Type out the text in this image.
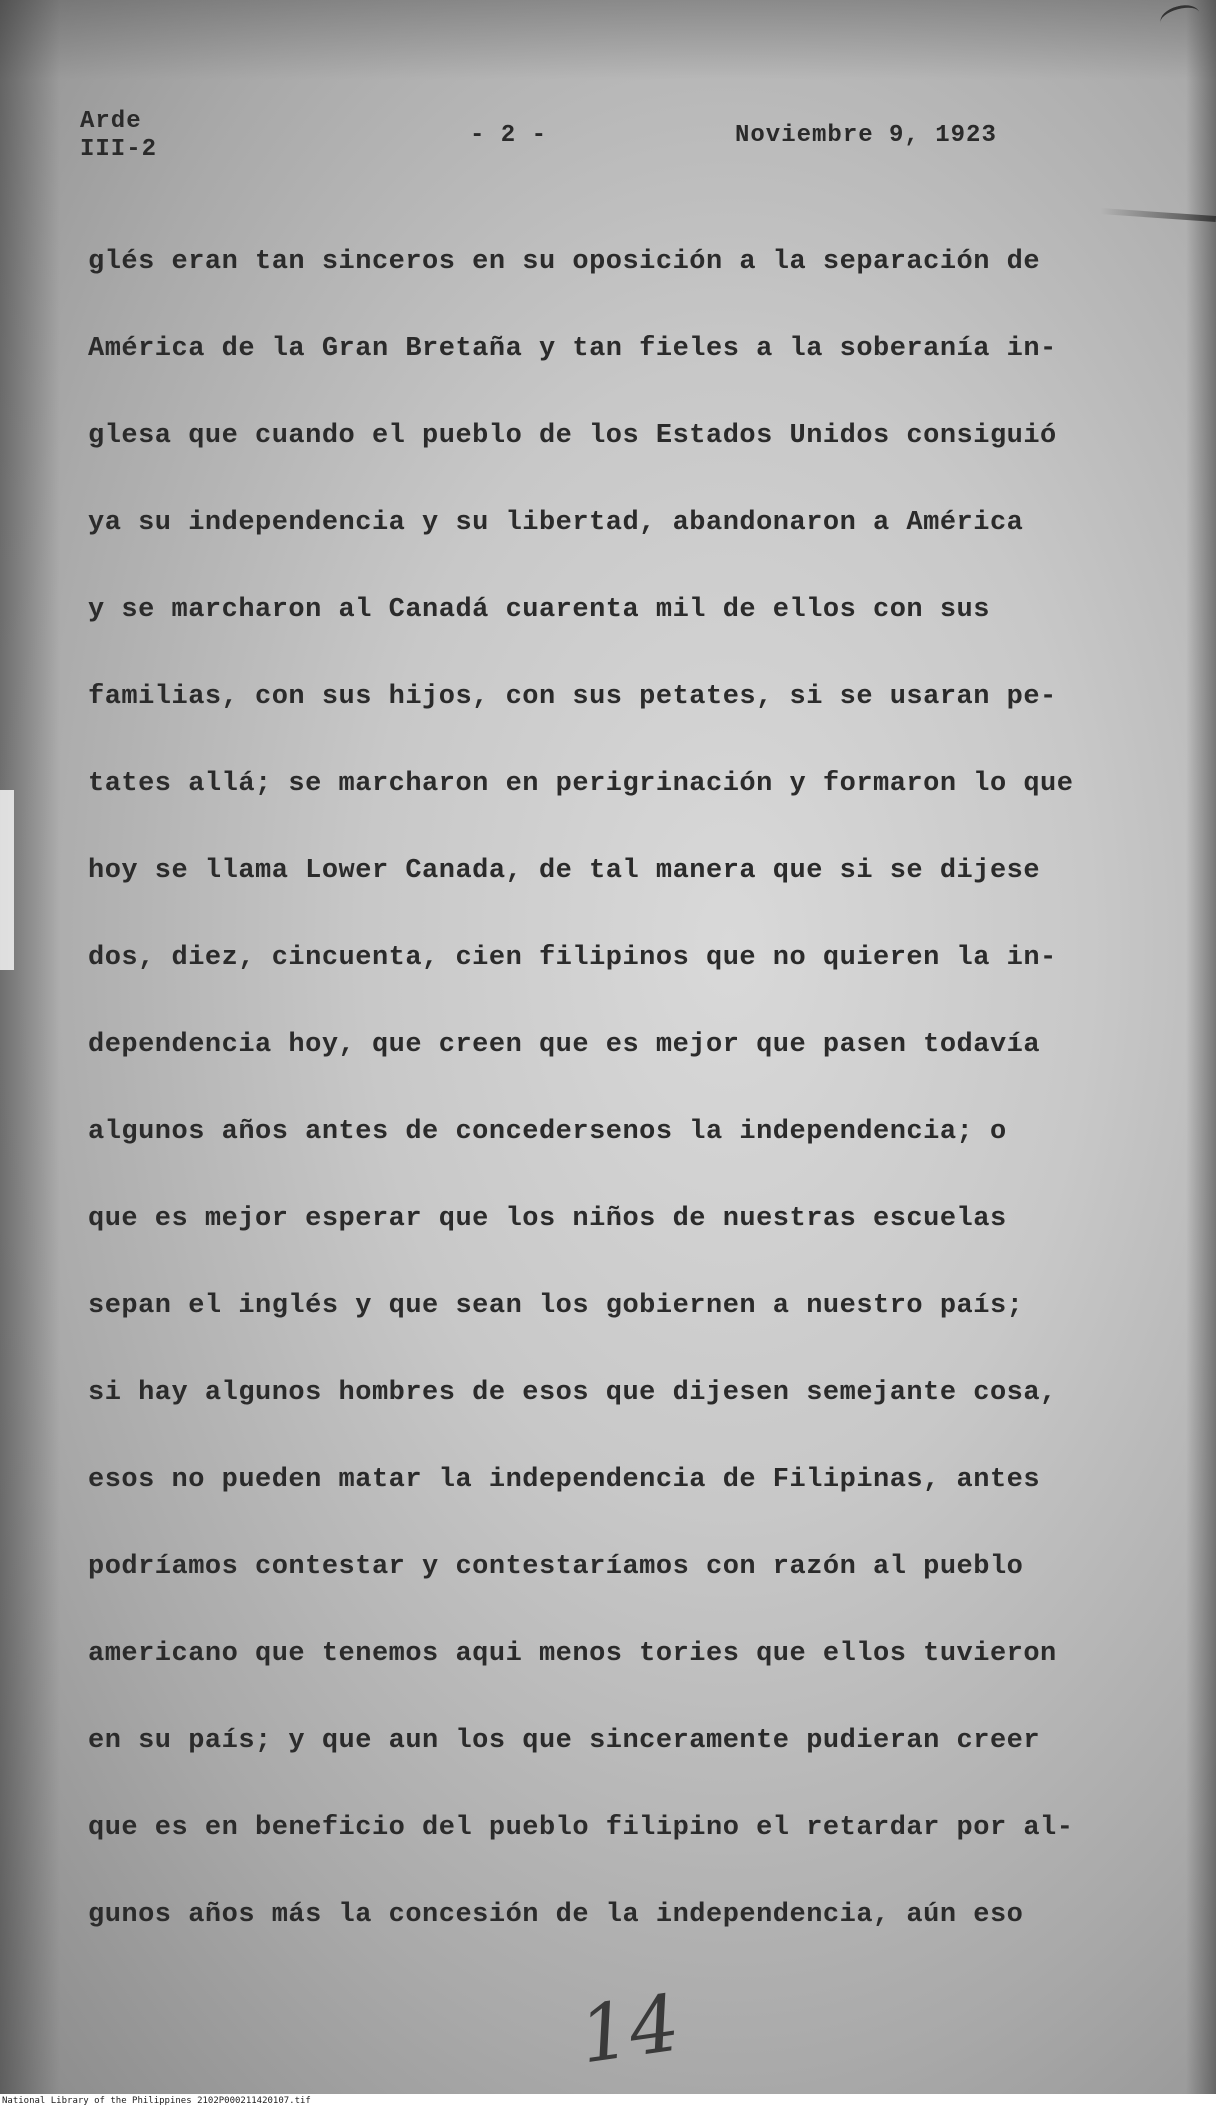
Arde
III-2
- 2 -	Noviembre 9, 1923
glés eran tan sinceros en su oposición a la separación de
América de la Gran Bretaña y tan fieles a la soberanía in-
glesa que cuando el pueblo de los Estados Unidos consiguió
ya su independencia y su libertad, abandonaron a América
y se marcharon al Canadá cuarenta mil de ellos con sus
familias, con sus hijos, con sus petates, si se usaran pe-
tates allá; se marcharon en perigrinación y formaron lo que
hoy se llama Lower Canada, de tal manera que si se dijese
dos, diez, cincuenta, cien filipinos que no quieren la in-
dependencia hoy, que creen que es mejor que pasen todavía
algunos años antes de concedersenos la independencia; o
que es mejor esperar que los niños de nuestras escuelas
sepan el inglés y que sean los gobiernen a nuestro país;
si hay algunos hombres de esos que dijesen semejante cosa,
esos no pueden matar la independencia de Filipinas, antes
podríamos contestar y contestaríamos con razón al pueblo
americano que tenemos aqui menos tories que ellos tuvieron
en su país; y que aun los que sinceramente pudieran creer
que es en beneficio del pueblo filipino el retardar por al-
gunos años más la concesión de la independencia, aún eso
14
National Library of the Philippines 2102P000211420107.tif
